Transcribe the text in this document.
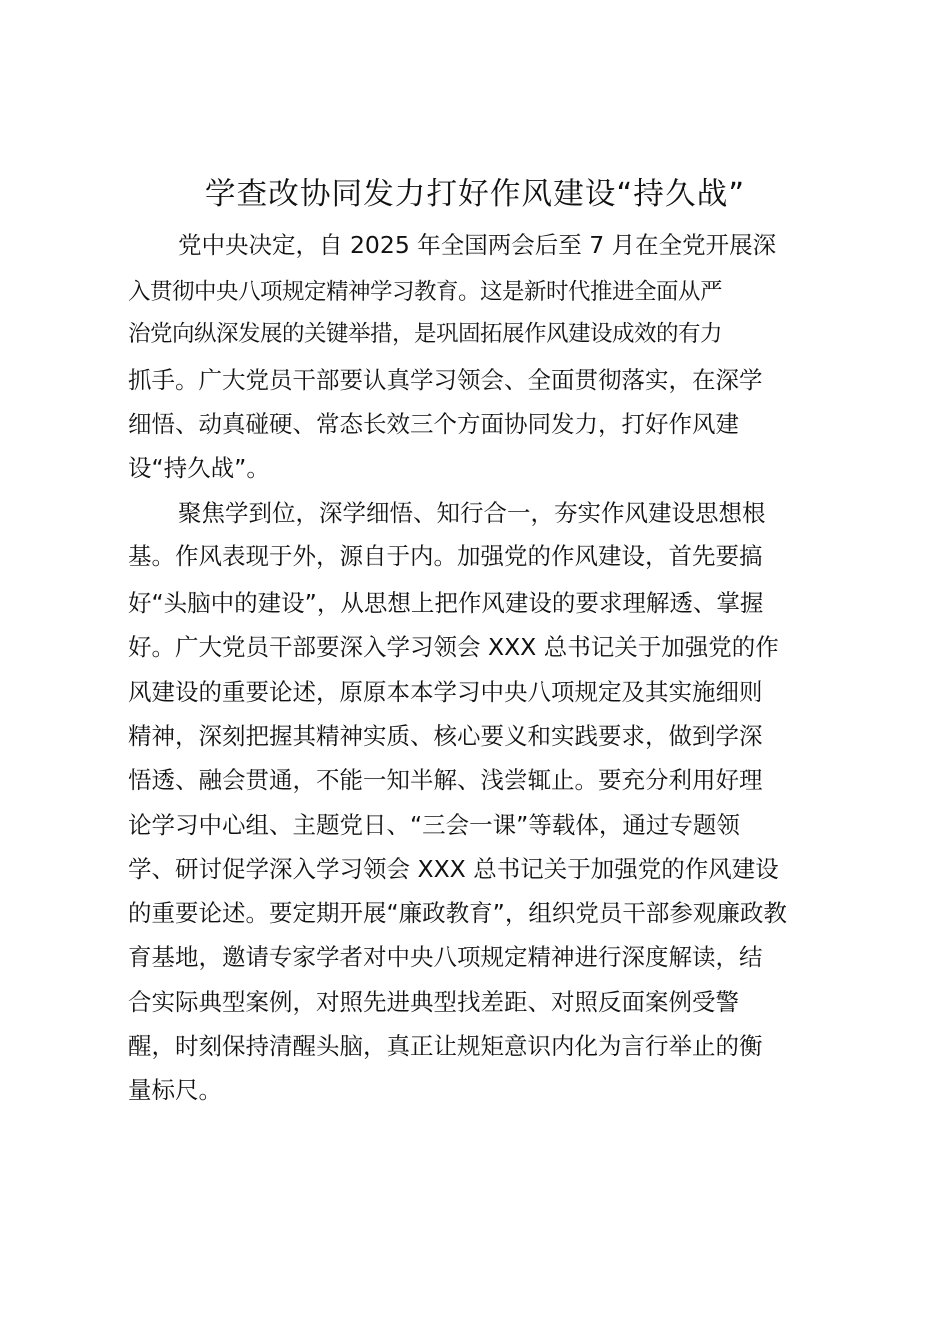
学查改协同发力打好作风建设“持久战”
党中央决定，自 2025 年全国两会后至 7 月在全党开展深
入贯彻中央八项规定精神学习教育。这是新时代推进全面从严
治党向纵深发展的关键举措，是巩固拓展作风建设成效的有力
抓手。广大党员干部要认真学习领会、全面贯彻落实，在深学
细悟、动真碰硬、常态长效三个方面协同发力，打好作风建
设“持久战”。
聚焦学到位，深学细悟、知行合一，夯实作风建设思想根
基。作风表现于外，源自于内。加强党的作风建设，首先要搞
好“头脑中的建设”，从思想上把作风建设的要求理解透、掌握
好。广大党员干部要深入学习领会 XXX 总书记关于加强党的作
风建设的重要论述，原原本本学习中央八项规定及其实施细则
精神，深刻把握其精神实质、核心要义和实践要求，做到学深
悟透、融会贯通，不能一知半解、浅尝辄止。要充分利用好理
论学习中心组、主题党日、“三会一课”等载体，通过专题领
学、研讨促学深入学习领会 XXX 总书记关于加强党的作风建设
的重要论述。要定期开展“廉政教育”，组织党员干部参观廉政教
育基地，邀请专家学者对中央八项规定精神进行深度解读，结
合实际典型案例，对照先进典型找差距、对照反面案例受警
醒，时刻保持清醒头脑，真正让规矩意识内化为言行举止的衡
量标尺。
